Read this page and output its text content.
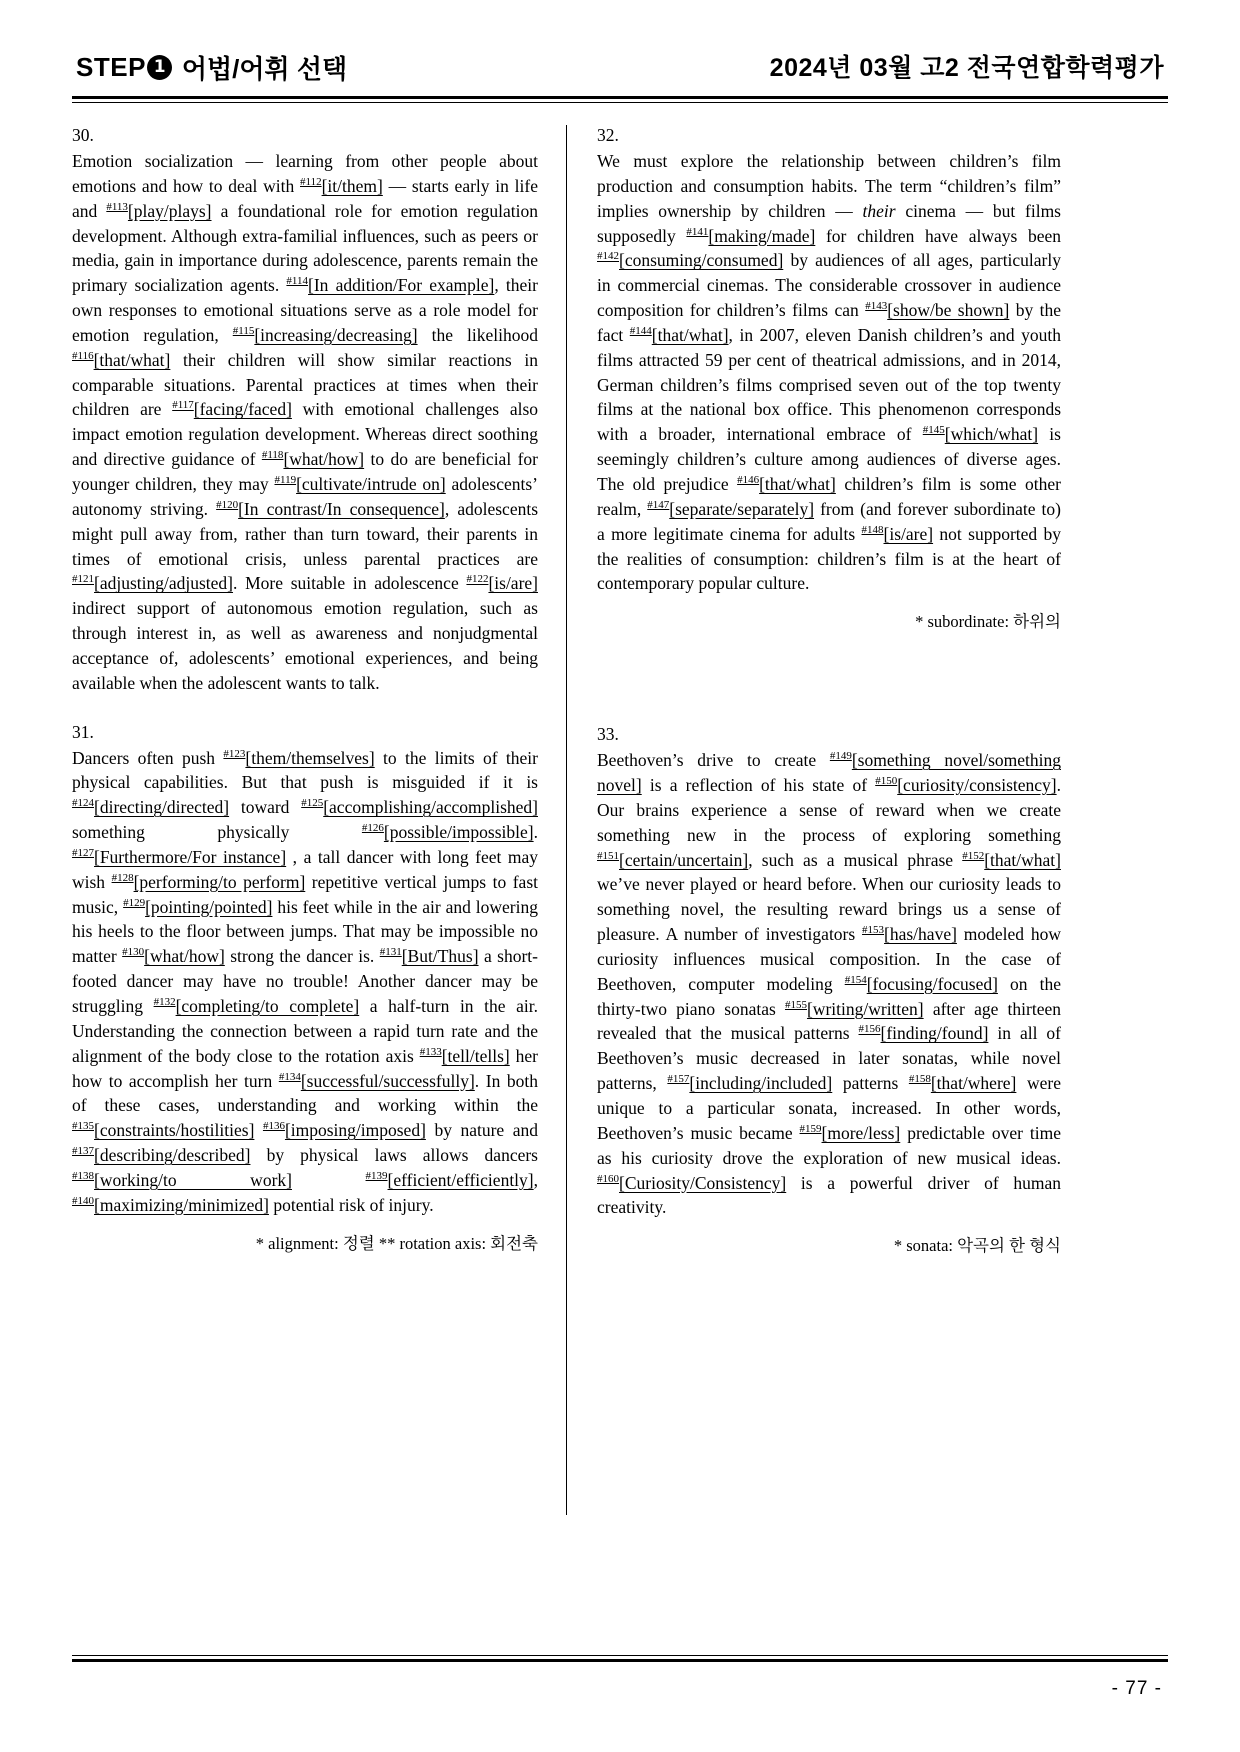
STEP 1 어법/어휘 선택	2024년 03월 고2 전국연합학력평가
30.
Emotion socialization — learning from other people about emotions and how to deal with $^{\#112}$[it/them] — starts early in life and $^{\#113}$[play/plays] a foundational role for emotion regulation development. Although extra-familial influences, such as peers or media, gain in importance during adolescence, parents remain the primary socialization agents. $^{\#114}$[In addition/For example], their own responses to emotional situations serve as a role model for emotion regulation, $^{\#115}$[increasing/decreasing] the likelihood $^{\#116}$[that/what] their children will show similar reactions in comparable situations. Parental practices at times when their children are $^{\#117}$[facing/faced] with emotional challenges also impact emotion regulation development. Whereas direct soothing and directive guidance of $^{\#118}$[what/how] to do are beneficial for younger children, they may $^{\#119}$[cultivate/intrude on] adolescents’ autonomy striving. $^{\#120}$[In contrast/In consequence], adolescents might pull away from, rather than turn toward, their parents in times of emotional crisis, unless parental practices are $^{\#121}$[adjusting/adjusted]. More suitable in adolescence $^{\#122}$[is/are] indirect support of autonomous emotion regulation, such as through interest in, as well as awareness and nonjudgmental acceptance of, adolescents’ emotional experiences, and being available when the adolescent wants to talk.
31.
Dancers often push $^{\#123}$[them/themselves] to the limits of their physical capabilities. But that push is misguided if it is $^{\#124}$[directing/directed] toward $^{\#125}$[accomplishing/accomplished] something physically $^{\#126}$[possible/impossible]. $^{\#127}$[Furthermore/For instance] , a tall dancer with long feet may wish $^{\#128}$[performing/to perform] repetitive vertical jumps to fast music, $^{\#129}$[pointing/pointed] his feet while in the air and lowering his heels to the floor between jumps. That may be impossible no matter $^{\#130}$[what/how] strong the dancer is. $^{\#131}$[But/Thus] a short-footed dancer may have no trouble! Another dancer may be struggling $^{\#132}$[completing/to complete] a half-turn in the air. Understanding the connection between a rapid turn rate and the alignment of the body close to the rotation axis $^{\#133}$[tell/tells] her how to accomplish her turn $^{\#134}$[successful/successfully]. In both of these cases, understanding and working within the $^{\#135}$[constraints/hostilities] $^{\#136}$[imposing/imposed] by nature and $^{\#137}$[describing/described] by physical laws allows dancers $^{\#138}$[working/to work]	$^{\#139}$[efficient/efficiently], $^{\#140}$[maximizing/minimized] potential risk of injury.
* alignment: 정렬 ** rotation axis: 회전축
32.
We must explore the relationship between children’s film production and consumption habits. The term “children’s film” implies ownership by children — their cinema — but films supposedly $^{\#141}$[making/made] for children have always been $^{\#142}$[consuming/consumed] by audiences of all ages, particularly in commercial cinemas. The considerable crossover in audience composition for children’s films can $^{\#143}$[show/be shown] by the fact $^{\#144}$[that/what], in 2007, eleven Danish children’s and youth films attracted 59 per cent of theatrical admissions, and in 2014, German children’s films comprised seven out of the top twenty films at the national box office. This phenomenon corresponds with a broader, international embrace of $^{\#145}$[which/what] is seemingly children’s culture among audiences of diverse ages. The old prejudice $^{\#146}$[that/what] children’s film is some other realm, $^{\#147}$[separate/separately] from (and forever subordinate to) a more legitimate cinema for adults $^{\#148}$[is/are] not supported by the realities of consumption: children’s film is at the heart of contemporary popular culture.
* subordinate: 하위의
33.
Beethoven’s drive to create $^{\#149}$[something novel/something novel] is a reflection of his state of $^{\#150}$[curiosity/consistency]. Our brains experience a sense of reward when we create something new in the process of exploring something $^{\#151}$[certain/uncertain], such as a musical phrase $^{\#152}$[that/what] we’ve never played or heard before. When our curiosity leads to something novel, the resulting reward brings us a sense of pleasure. A number of investigators $^{\#153}$[has/have] modeled how curiosity influences musical composition. In the case of Beethoven, computer modeling $^{\#154}$[focusing/focused] on the thirty-two piano sonatas $^{\#155}$[writing/written] after age thirteen revealed that the musical patterns $^{\#156}$[finding/found] in all of Beethoven’s music decreased in later sonatas, while novel patterns, $^{\#157}$[including/included] patterns $^{\#158}$[that/where] were unique to a particular sonata, increased. In other words, Beethoven’s music became $^{\#159}$[more/less] predictable over time as his curiosity drove the exploration of new musical ideas. $^{\#160}$[Curiosity/Consistency] is a powerful driver of human creativity.
* sonata: 악곡의 한 형식
- 77 -
